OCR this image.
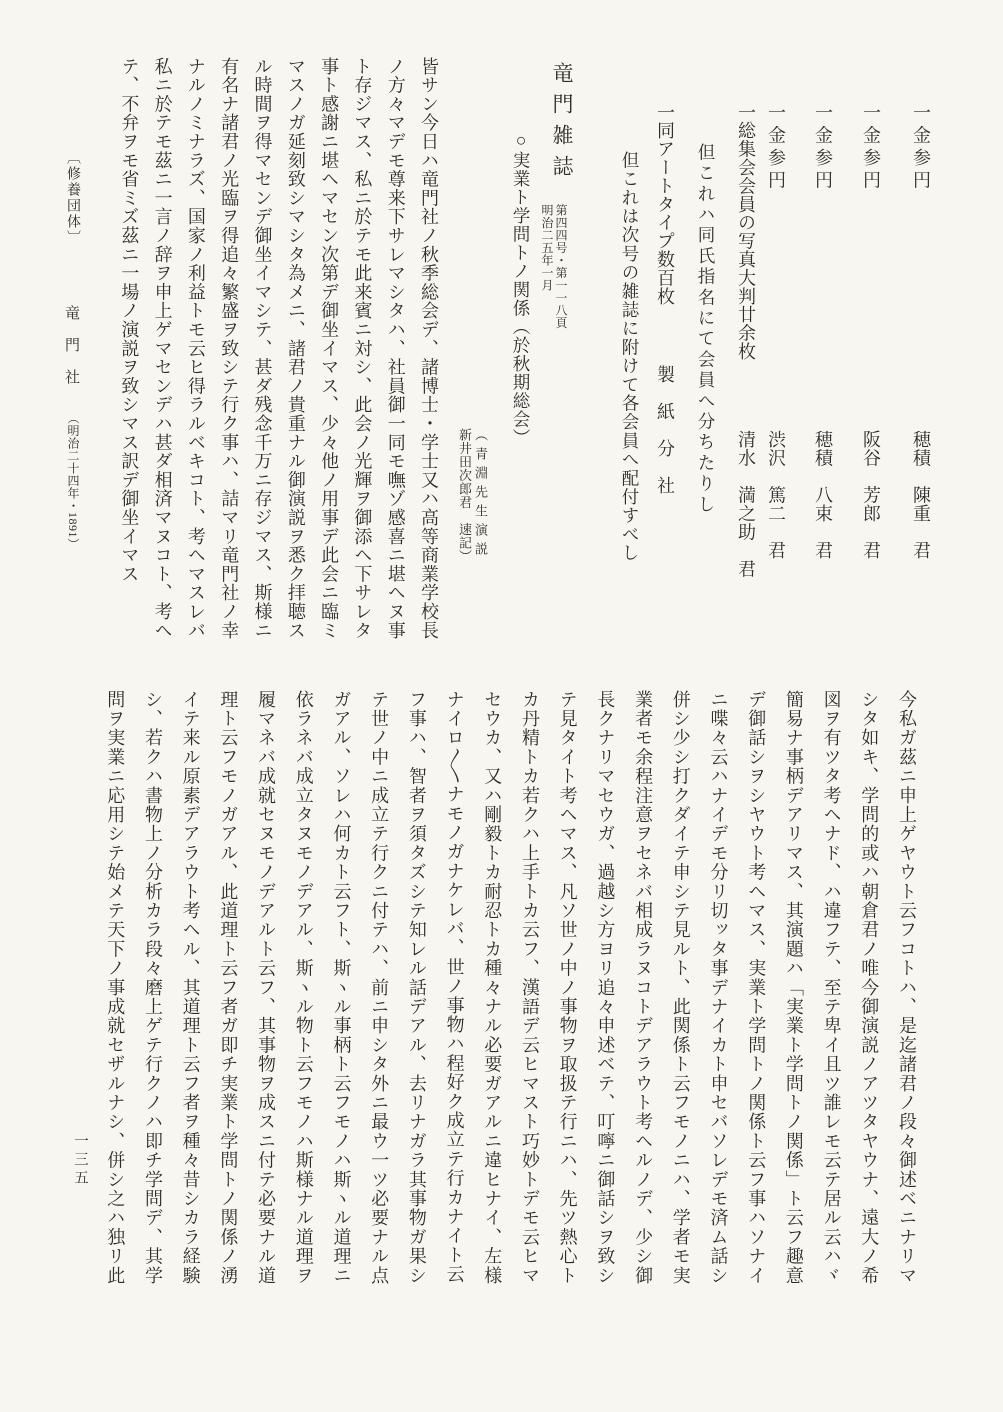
一金参円
穂積　陳重　君
一金参円
阪谷　芳郎　君
一金参円
穂積　八束　君
一金参円
渋沢　篤二　君
一総集会会員の写真大判廿余枚
清水　満之助　君
但これハ同氏指名にて会員へ分ちたりし
一同アートタイプ数百枚
製　紙　分　社
但これは次号の雑誌に附けて各会員へ配付すべし
竜門雑誌
第四四号・第一一八頁
明治二五年一月
○実業ト学問トノ関係（於秋期総会）
（青淵先生演説
新井田次郎君　速記）
皆サン今日ハ竜門社ノ秋季総会デ、諸博士・学士又ハ高等商業学校長
ノ方々マデモ尊来下サレマシタハ、社員御一同モ嘸ゾ感喜ニ堪ヘヌ事
ト存ジマス、私ニ於テモ此来賓ニ対シ、此会ノ光輝ヲ御添ヘ下サレタ
事ト感謝ニ堪ヘマセン次第デ御坐イマス、少々他ノ用事デ此会ニ臨ミ
マスノガ延刻致シマシタ為メニ、諸君ノ貴重ナル御演説ヲ悉ク拝聴ス
ル時間ヲ得マセンデ御坐イマシテ、甚ダ残念千万ニ存ジマス、斯様ニ
有名ナ諸君ノ光臨ヲ得追々繁盛ヲ致シテ行ク事ハ、詰マリ竜門社ノ幸
ナルノミナラズ、国家ノ利益トモ云ヒ得ラルベキコト、考ヘマスレバ
私ニ於テモ茲ニ一言ノ辞ヲ申上ゲマセンデハ甚ダ相済マヌコト、考ヘ
テ、不弁ヲモ省ミズ茲ニ一場ノ演説ヲ致シマス訳デ御坐イマス
今私ガ茲ニ申上ゲヤウト云フコトハ、是迄諸君ノ段々御述ベニナリマ
シタ如キ、学問的或ハ朝倉君ノ唯今御演説ノアツタヤウナ、遠大ノ希
図ヲ有ツタ考ヘナド、ハ違フテ、至テ卑イ且ツ誰レモ云テ居ル云ハヾ
簡易ナ事柄デアリマス、其演題ハ「実業ト学問トノ関係」ト云フ趣意
デ御話シヲシヤウト考ヘマス、実業ト学問トノ関係ト云フ事ハソナイ
ニ喋々云ハナイデモ分リ切ッタ事デナイカト申セバソレデモ済ム話シ
併シ少シ打クダイテ申シテ見ルト、此関係ト云フモノニハ、学者モ実
業者モ余程注意ヲセネバ相成ラヌコトデアラウト考ヘルノデ、少シ御
長クナリマセウガ、過越シ方ヨリ追々申述ベテ、叮嚀ニ御話シヲ致シ
テ見タイト考ヘマス、凡ソ世ノ中ノ事物ヲ取扱テ行ニハ、先ツ熱心ト
カ丹精トカ若クハ上手トカ云フ、漢語デ云ヒマスト巧妙トデモ云ヒマ
セウカ、又ハ剛毅トカ耐忍トカ種々ナル必要ガアルニ違ヒナイ、左様
ナイロ〱ナモノガナケレバ、世ノ事物ハ程好ク成立テ行カナイト云
フ事ハ、智者ヲ須タズシテ知レル話デアル、去リナガラ其事物ガ果シ
テ世ノ中ニ成立テ行クニ付テハ、前ニ申シタ外ニ最ウ一ツ必要ナル点
ガアル、ソレハ何カト云フト、斯ヽル事柄ト云フモノハ斯ヽル道理ニ
依ラネバ成立タヌモノデアル、斯ヽル物ト云フモノハ斯様ナル道理ヲ
履マネバ成就セヌモノデアルト云フ、其事物ヲ成スニ付テ必要ナル道
理ト云フモノガアル、此道理ト云フ者ガ即チ実業ト学問トノ関係ノ湧
イテ来ル原素デアラウト考ヘル、其道理ト云フ者ヲ種々昔シカラ経験
シ、若クハ書物上ノ分析カラ段々磨上ゲテ行クノハ即チ学問デ、其学
問ヲ実業ニ応用シテ始メテ天下ノ事成就セザルナシ、併シ之ハ独リ此
〔修養団体〕
竜　門　社
（明治二十四年・1891）
一三五
